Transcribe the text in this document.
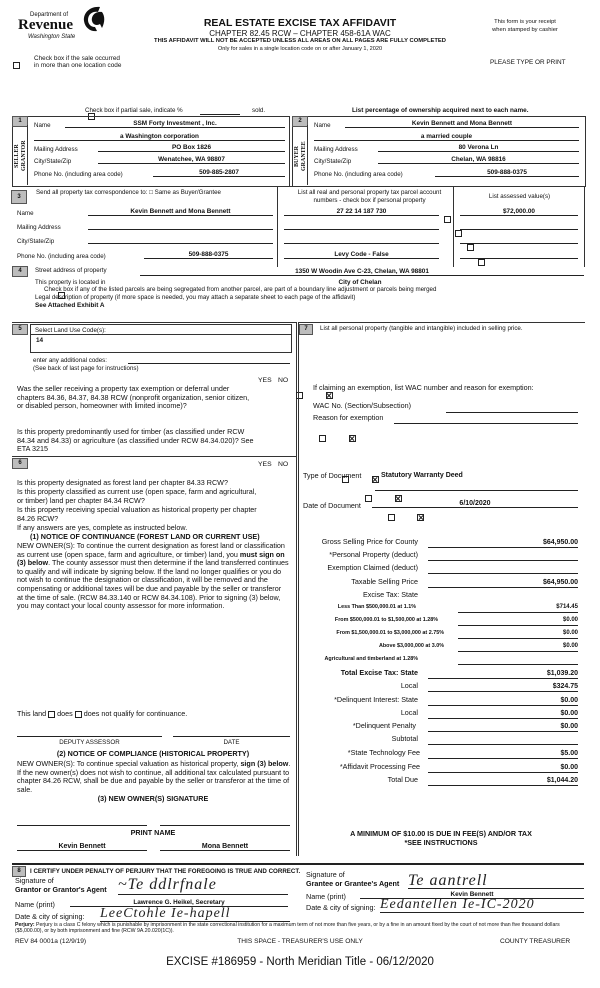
Department of
Revenue
Washington State
REAL ESTATE EXCISE TAX AFFIDAVIT
CHAPTER 82.45 RCW – CHAPTER 458-61A WAC
THIS AFFIDAVIT WILL NOT BE ACCEPTED UNLESS ALL AREAS ON ALL PAGES ARE FULLY COMPLETED
Only for sales in a single location code on or after January 1, 2020
This form is your receipt
when stamped by cashier

Check box if the sale occurred
in more than one location code	PLEASE TYPE OR PRINT

Check box if partial sale, indicate %	sold.	List percentage of ownership acquired next to each name.
1
SELLER GRANTOR
Name	SSM Forty Investment , Inc.
a Washington corporation
Mailing Address	PO Box 1826
City/State/Zip	Wenatchee, WA 98807
Phone No. (including area code)	509-885-2807
2
BUYER GRANTEE
Name	Kevin Bennett and Mona Bennett
a married couple
Mailing Address	80 Verona Ln
City/State/Zip	Chelan, WA 98816
Phone No. (including area code)	509-888-0375
3
Send all property tax correspondence to: □ Same as Buyer/Grantee	List all real and personal property tax parcel account numbers - check box if personal property	List assessed value(s)
Name	Kevin Bennett and Mona Bennett
Mailing Address
City/State/Zip
Phone No. (including area code)	509-888-0375
27 22 14 187 730

Levy Code - False
$72,000.00
4	Street address of property	1350 W Woodin Ave C-23, Chelan, WA 98801
This property is located in	City of Chelan

Check box if any of the listed parcels are being segregated from another parcel, are part of a boundary line adjustment or parcels being merged
Legal description of property (if more space is needed, you may attach a separate sheet to each page of the affidavit)
See Attached Exhibit A
5	Select Land Use Code(s):
14
enter any additional codes:
(See back of last page for instructions)
YES NO
Was the seller receiving a property tax exemption or deferral under chapters 84.36, 84.37, 84.38 RCW (nonprofit organization, senior citizen, or disabled person, homeowner with limited income)?

Is this property predominantly used for timber (as classified under RCW 84.34 and 84.33) or agriculture (as classified under RCW 84.34.020)? See ETA 3215

6	YES NO

Is this property designated as forest land per chapter 84.33 RCW?
Is this property classified as current use (open space, farm and agricultural, or timber) land per chapter 84.34 RCW?

Is this property receiving special valuation as historical property per chapter 84.26 RCW?

If any answers are yes, complete as instructed below.
(1) NOTICE OF CONTINUANCE (FOREST LAND OR CURRENT USE)
NEW OWNER(S): To continue the current designation as forest land or classification as current use (open space, farm and agriculture, or timber) land, you must sign on (3) below. The county assessor must then determine if the land transferred continues to qualify and will indicate by signing below. If the land no longer qualifies or you do not wish to continue the designation or classification, it will be removed and the compensating or additional taxes will be due and payable by the seller or transferor at the time of sale. (RCW 84.33.140 or RCW 84.34.108). Prior to signing (3) below, you may contact your local county assessor for more information.
This land does does not qualify for continuance.
DEPUTY ASSESSOR	DATE
(2) NOTICE OF COMPLIANCE (HISTORICAL PROPERTY)
NEW OWNER(S): To continue special valuation as historical property, sign (3) below. If the new owner(s) does not wish to continue, all additional tax calculated pursuant to chapter 84.26 RCW, shall be due and payable by the seller or transferor at the time of sale.
(3) NEW OWNER(S) SIGNATURE
PRINT NAME
Kevin Bennett	Mona Bennett
7	List all personal property (tangible and intangible) included in selling price.
If claiming an exemption, list WAC number and reason for exemption:
WAC No. (Section/Subsection)
Reason for exemption
Type of Document	Statutory Warranty Deed
Date of Document	6/10/2020
Gross Selling Price for County	$64,950.00
*Personal Property (deduct)
Exemption Claimed (deduct)
Taxable Selling Price	$64,950.00
Excise Tax: State
Less Than $500,000.01 at 1.1%	$714.45
From $500,000.01 to $1,500,000 at 1.28%	$0.00
From $1,500,000.01 to $3,000,000 at 2.75%	$0.00
Above $3,000,000 at 3.0%	$0.00
Agricultural and timberland at 1.28%
Total Excise Tax: State	$1,039.20
Local	$324.75
*Delinquent Interest: State	$0.00
Local	$0.00
*Delinquent Penalty	$0.00
Subtotal
*State Technology Fee	$5.00
*Affidavit Processing Fee	$0.00
Total Due	$1,044.20
A MINIMUM OF $10.00 IS DUE IN FEE(S) AND/OR TAX
*SEE INSTRUCTIONS
8	I CERTIFY UNDER PENALTY OF PERJURY THAT THE FOREGOING IS TRUE AND CORRECT.
Signature of
Grantor or Grantor's Agent ~Te ddlrfnale
Name (print)	Lawrence G. Heikel, Secretary
Date & city of signing: LeeCtohle Ie-hapell
Signature of
Grantee or Grantee's Agent Te aantrell
Name (print)	Kevin Bennett
Date & city of signing: Eedantellen Ie-IC-2020
Perjury: Perjury is a class C felony which is punishable by imprisonment in the state correctional institution for a maximum term of not more than five years, or by a fine in an amount fixed by the court of not more than five thousand dollars ($5,000.00), or by both imprisonment and fine (RCW 9A.20.020(1C)).
REV 84 0001a (12/9/19)	THIS SPACE - TREASURER'S USE ONLY	COUNTY TREASURER
EXCISE #186959 - North Meridian Title - 06/12/2020
